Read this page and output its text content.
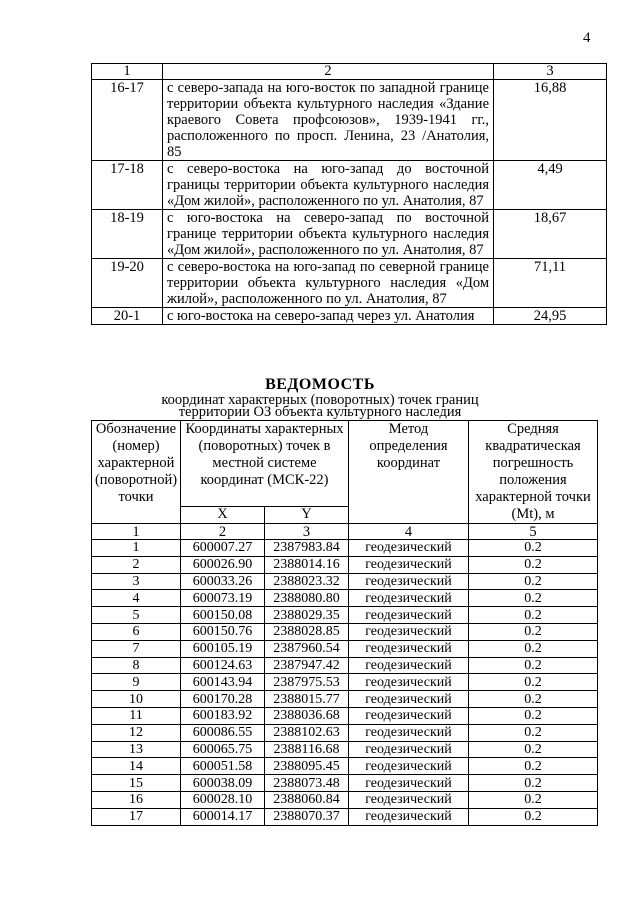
4
1	2	3
16-17	с северо-запада на юго-восток по западной границе территории объекта культурного наследия «Здание краевого Совета профсоюзов», 1939-1941 гг., расположенного по просп. Ленина, 23 /Анатолия, 85	16,88
17-18	с северо-востока на юго-запад до восточной границы территории объекта культурного наследия «Дом жилой», расположенного по ул. Анатолия, 87	4,49
18-19	с юго-востока на северо-запад по восточной границе территории объекта культурного наследия «Дом жилой», расположенного по ул. Анатолия, 87	18,67
19-20	с северо-востока на юго-запад по северной границе территории объекта культурного наследия «Дом жилой», расположенного по ул. Анатолия, 87	71,11
20-1	с юго-востока на северо-запад через ул. Анатолия	24,95
ВЕДОМОСТЬ
координат характерных (поворотных) точек границ
территории ОЗ объекта культурного наследия
Обозначение (номер) характерной (поворотной) точки	Координаты характерных (поворотных) точек в местной системе координат (МСК-22)		Метод определения координат	Средняя квадратическая погрешность положения характерной точки (Mt), м
	X	Y		
1	2	3	4	5
1	600007.27	2387983.84	геодезический	0.2
2	600026.90	2388014.16	геодезический	0.2
3	600033.26	2388023.32	геодезический	0.2
4	600073.19	2388080.80	геодезический	0.2
5	600150.08	2388029.35	геодезический	0.2
6	600150.76	2388028.85	геодезический	0.2
7	600105.19	2387960.54	геодезический	0.2
8	600124.63	2387947.42	геодезический	0.2
9	600143.94	2387975.53	геодезический	0.2
10	600170.28	2388015.77	геодезический	0.2
11	600183.92	2388036.68	геодезический	0.2
12	600086.55	2388102.63	геодезический	0.2
13	600065.75	2388116.68	геодезический	0.2
14	600051.58	2388095.45	геодезический	0.2
15	600038.09	2388073.48	геодезический	0.2
16	600028.10	2388060.84	геодезический	0.2
17	600014.17	2388070.37	геодезический	0.2
